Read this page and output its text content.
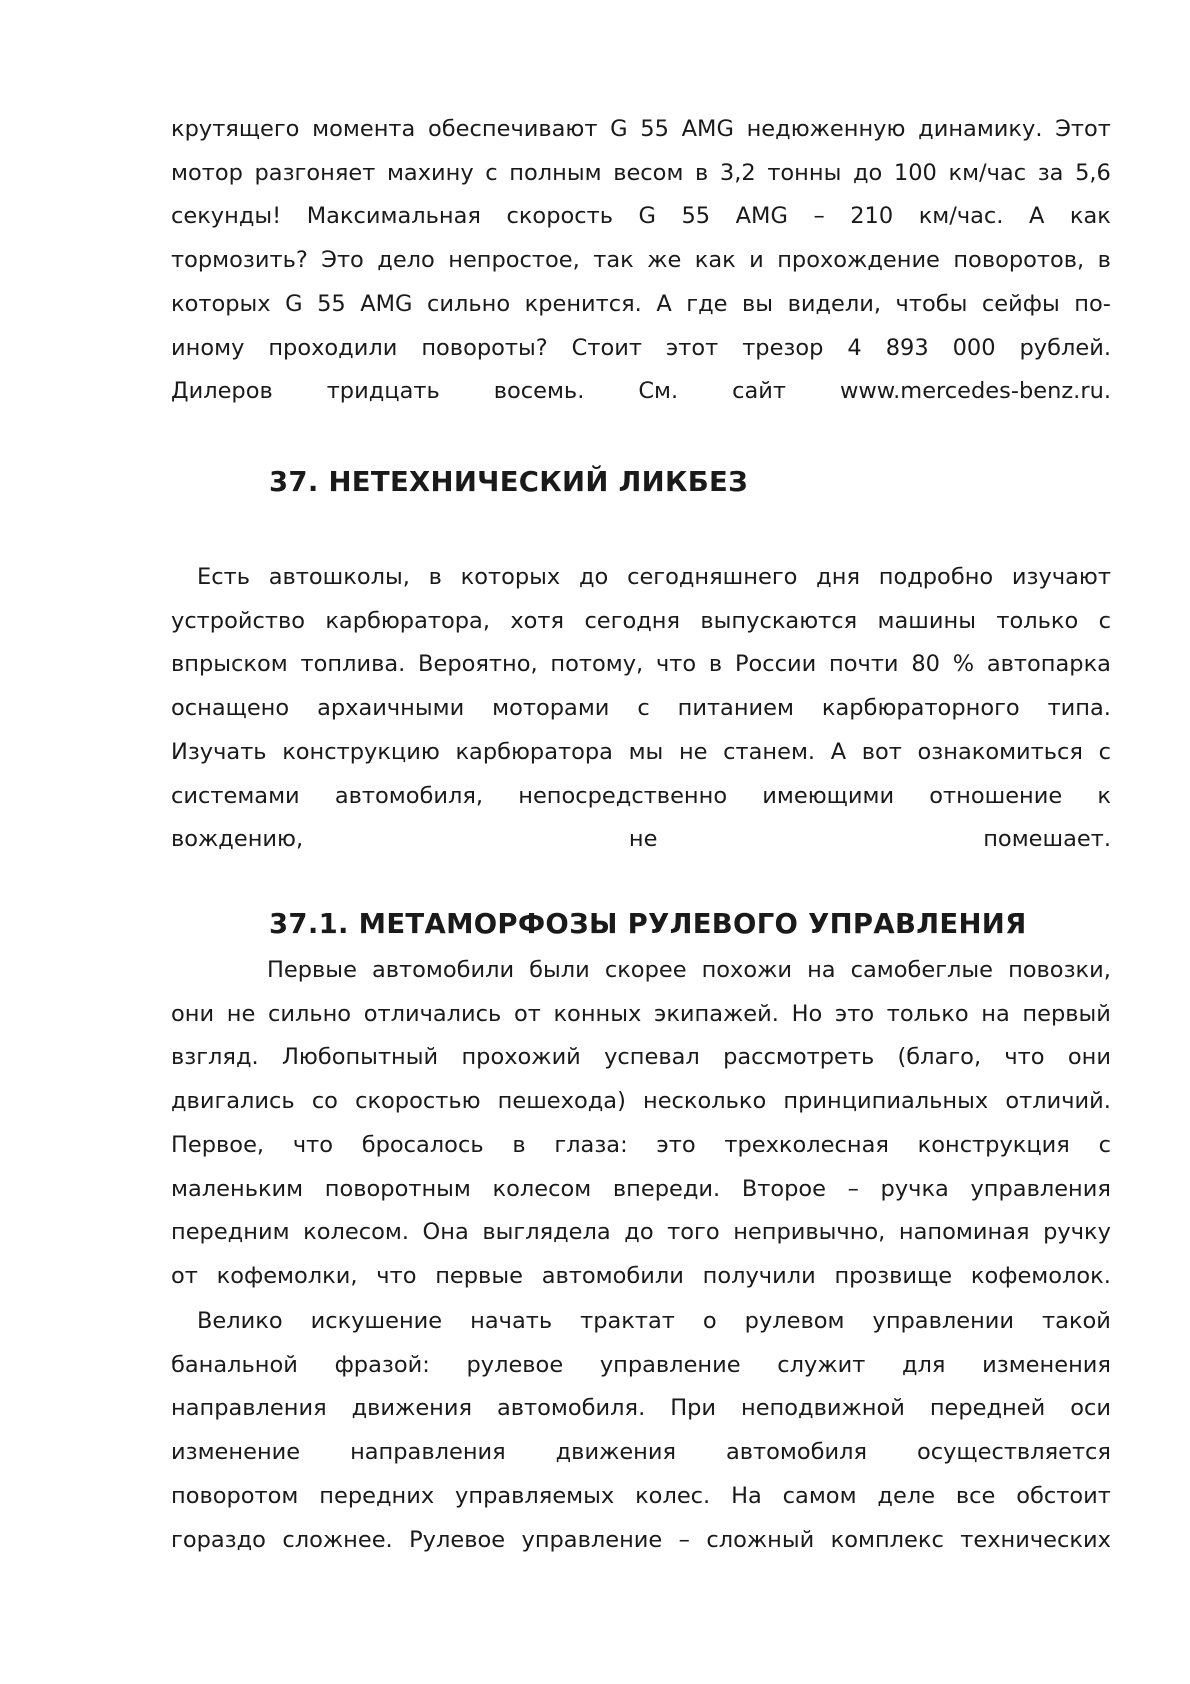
крутящего момента обеспечивают G 55 AMG недюженную динамику. Этот
мотор разгоняет махину с полным весом в 3,2 тонны до 100 км/час за 5,6
секунды! Максимальная скорость G 55 AMG – 210 км/час. А как
тормозить? Это дело непростое, так же как и прохождение поворотов, в
которых G 55 AMG сильно кренится. А где вы видели, чтобы сейфы по-
иному проходили повороты? Стоит этот трезор 4 893 000 рублей.
Дилеров тридцать восемь. См. сайт www.mercedes-benz.ru.
37. НЕТЕХНИЧЕСКИЙ ЛИКБЕЗ
Есть автошколы, в которых до сегодняшнего дня подробно изучают
устройство карбюратора, хотя сегодня выпускаются машины только с
впрыском топлива. Вероятно, потому, что в России почти 80 % автопарка
оснащено архаичными моторами с питанием карбюраторного типа.
Изучать конструкцию карбюратора мы не станем. А вот ознакомиться с
системами автомобиля, непосредственно имеющими отношение к
вождению,	не	помешает.
37.1. МЕТАМОРФОЗЫ РУЛЕВОГО УПРАВЛЕНИЯ
Первые автомобили были скорее похожи на самобеглые повозки,
они не сильно отличались от конных экипажей. Но это только на первый
взгляд. Любопытный прохожий успевал рассмотреть (благо, что они
двигались со скоростью пешехода) несколько принципиальных отличий.
Первое, что бросалось в глаза: это трехколесная конструкция с
маленьким поворотным колесом впереди. Второе – ручка управления
передним колесом. Она выглядела до того непривычно, напоминая ручку
от кофемолки, что первые автомобили получили прозвище кофемолок.
Велико искушение начать трактат о рулевом управлении такой
банальной фразой: рулевое управление служит для изменения
направления движения автомобиля. При неподвижной передней оси
изменение направления движения автомобиля осуществляется
поворотом передних управляемых колес. На самом деле все обстоит
гораздо сложнее. Рулевое управление – сложный комплекс технических
